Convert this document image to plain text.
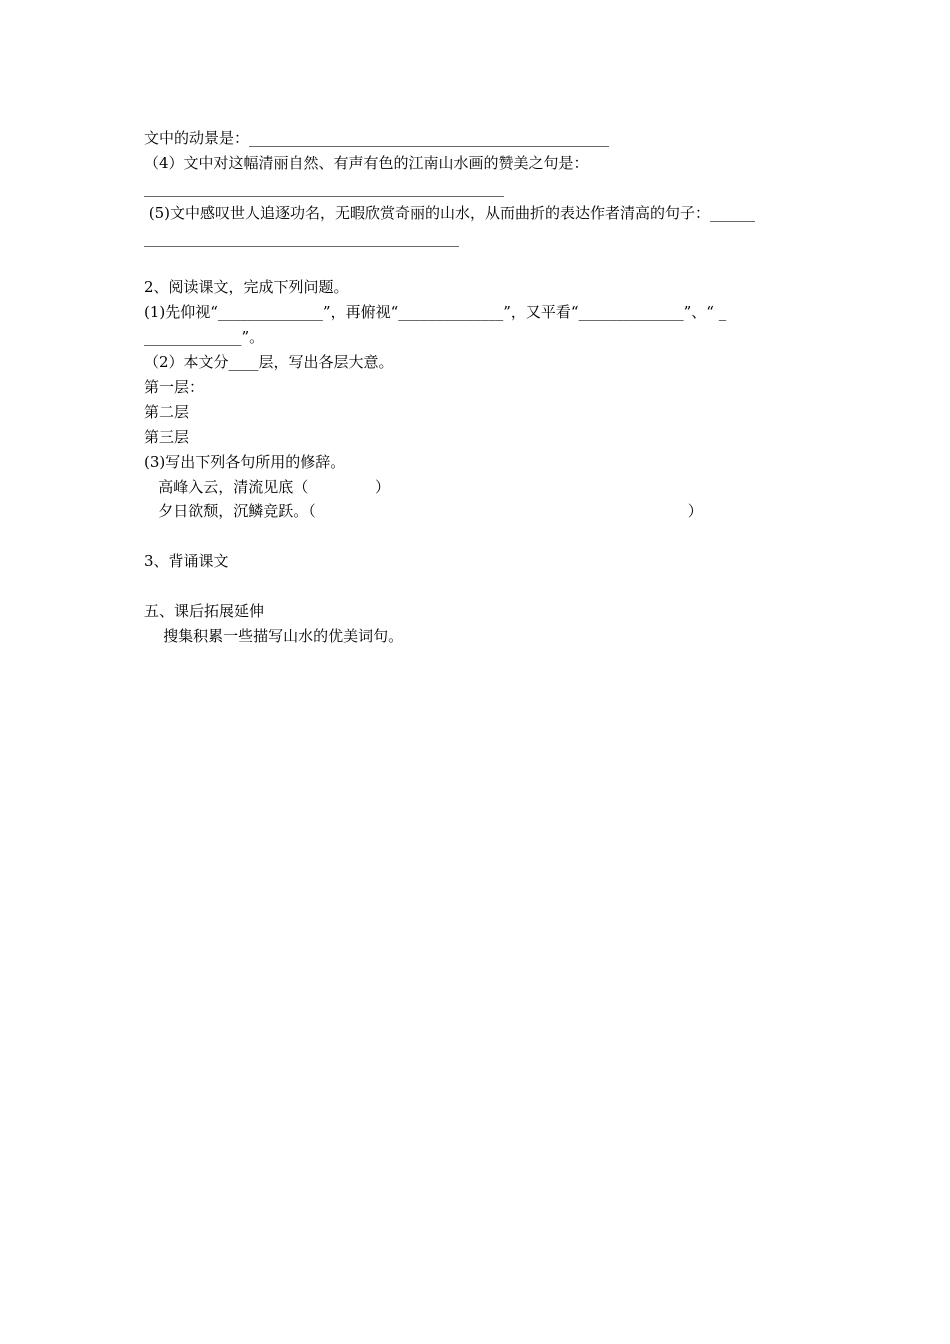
文中的动景是：________________________________________________
（4）文中对这幅清丽自然、有声有色的江南山水画的赞美之句是：
________________________________________________
(5)文中感叹世人追逐功名，无暇欣赏奇丽的山水，从而曲折的表达作者清高的句子：______
__________________________________________
2、阅读课文，完成下列问题。
(1)先仰视“______________”，再俯视“______________”，又平看“______________”、“ _
_____________”。
（2）本文分____层，写出各层大意。
第一层：
第二层
第三层
(3)写出下列各句所用的修辞。
高峰入云，清流见底（              ）
夕日欲颓，沉鳞竞跃。（                                                                              ）
3、背诵课文
五、课后拓展延伸
搜集积累一些描写山水的优美词句。
